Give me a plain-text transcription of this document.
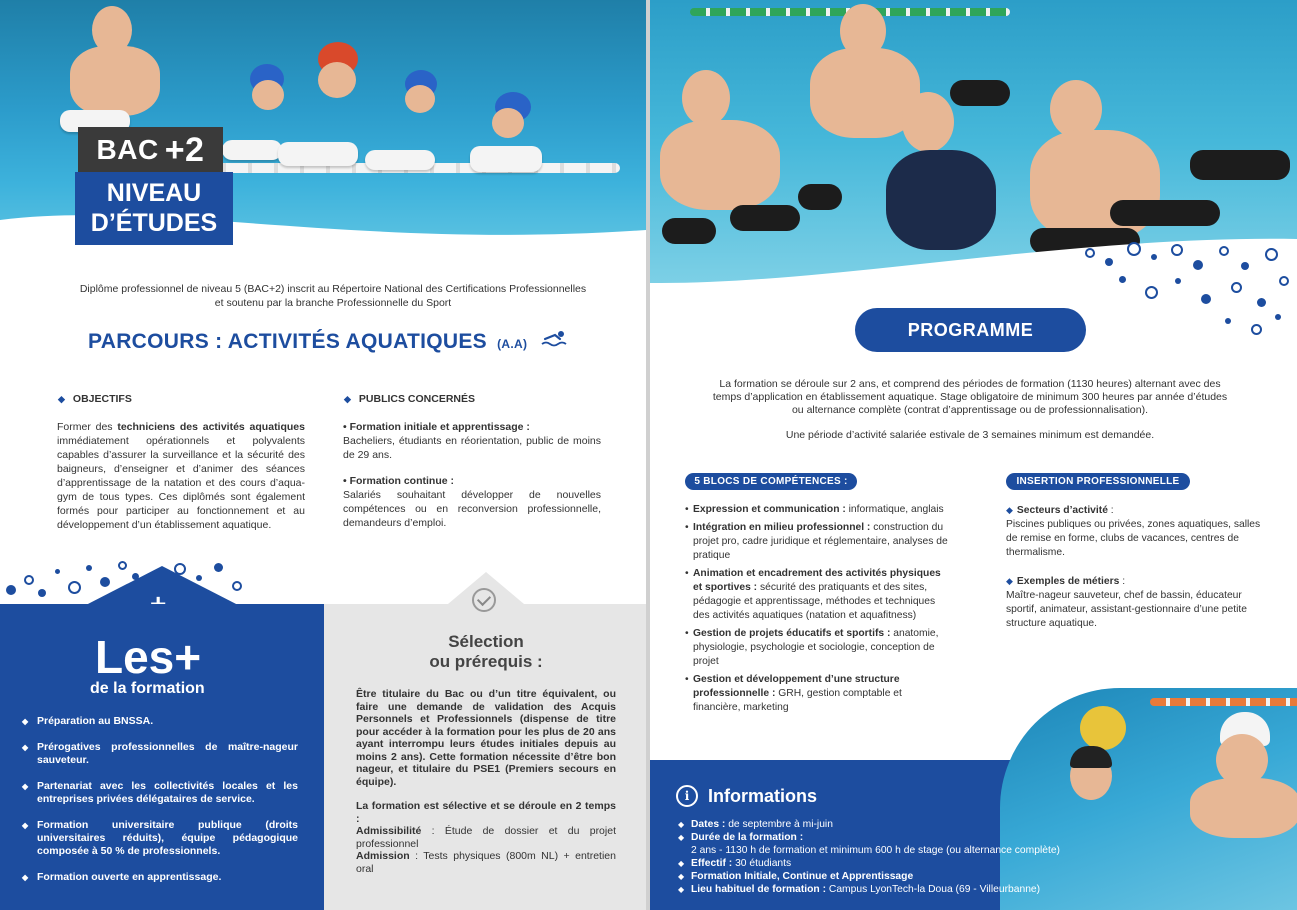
BAC +2
NIVEAU
D’ÉTUDES
Diplôme professionnel de niveau 5 (BAC+2) inscrit au Répertoire National des Certifications Professionnelles
et soutenu par la branche Professionnelle du Sport
PARCOURS : ACTIVITÉS AQUATIQUES (A.A)
◆ OBJECTIFS
Former des techniciens des activités aquatiques immédiatement opérationnels et polyvalents capables d’assurer la surveillance et la sécurité des baigneurs, d’enseigner et d’animer des séances d’apprentissage de la natation et des cours d’aqua-gym de tous types. Ces diplômés sont également formés pour participer au fonctionnement et au développement d’un établissement aquatique.
◆ PUBLICS CONCERNÉS

• Formation initiale et apprentissage :
Bacheliers, étudiants en réorientation, public de moins de 29 ans.

• Formation continue :
Salariés souhaitant développer de nouvelles compétences ou en reconversion professionnelle, demandeurs d’emploi.

Les+
de la formation
◆ Préparation au BNSSA.
◆ Prérogatives professionnelles de maître-nageur sauveteur.
◆ Partenariat avec les collectivités locales et les entreprises privées délégataires de service.
◆ Formation universitaire publique (droits universitaires réduits), équipe pédagogique composée à 50 % de professionnels.
◆ Formation ouverte en apprentissage.
Sélection
ou prérequis :

Être titulaire du Bac ou d’un titre équivalent, ou faire une demande de validation des Acquis Personnels et Professionnels (dispense de titre pour accéder à la formation pour les plus de 20 ans ayant interrompu leurs études initiales depuis au moins 2 ans). Cette formation nécessite d’être bon nageur, et titulaire du PSE1 (Premiers secours en équipe).

La formation est sélective et se déroule en 2 temps :

Admissibilité : Étude de dossier et du projet professionnel
Admission : Tests physiques (800m NL) + entretien oral
PROGRAMME

La formation se déroule sur 2 ans, et comprend des périodes de formation (1130 heures) alternant avec des temps d’application en établissement aquatique. Stage obligatoire de minimum 300 heures par année d’études ou alternance complète (contrat d’apprentissage ou de professionnalisation).

Une période d’activité salariée estivale de 3 semaines minimum est demandée.

5 BLOCS DE COMPÉTENCES :
• Expression et communication : informatique, anglais
• Intégration en milieu professionnel : construction du projet pro, cadre juridique et réglementaire, analyses de pratique
• Animation et encadrement des activités physiques et sportives : sécurité des pratiquants et des sites, pédagogie et apprentissage, méthodes et techniques des activités aquatiques (natation et aquafitness)
• Gestion de projets éducatifs et sportifs : anatomie, physiologie, psychologie et sociologie, conception de projet
• Gestion et développement d’une structure professionnelle : GRH, gestion comptable et financière, marketing
INSERTION PROFESSIONNELLE

◆ Secteurs d’activité :
Piscines publiques ou privées, zones aquatiques, salles de remise en forme, clubs de vacances, centres de thermalisme.

◆ Exemples de métiers :
Maître-nageur sauveteur, chef de bassin, éducateur sportif, animateur, assistant-gestionnaire d’une petite structure aquatique.

i	Informations
◆ Dates : de septembre à mi-juin
◆ Durée de la formation :
2 ans - 1130 h de formation et minimum 600 h de stage (ou alternance complète)
◆ Effectif : 30 étudiants
◆ Formation Initiale, Continue et Apprentissage
◆ Lieu habituel de formation : Campus LyonTech-la Doua (69 - Villeurbanne)
